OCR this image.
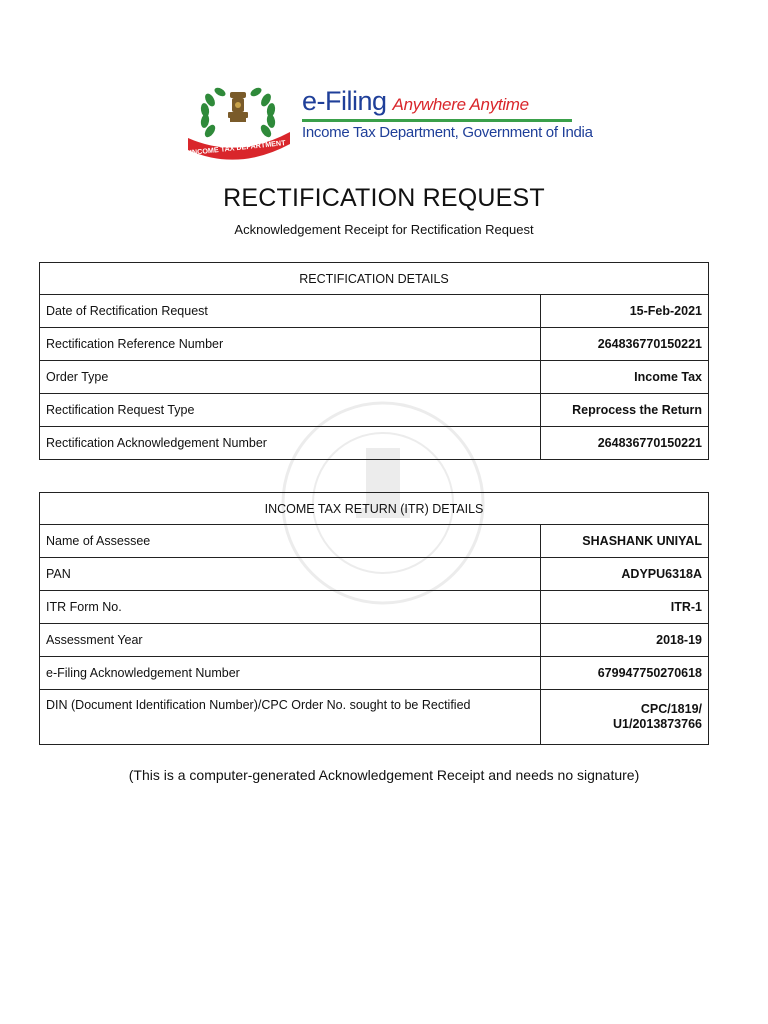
INCOME TAX DEPARTMENT
e-Filing Anywhere Anytime
Income Tax Department, Government of India
RECTIFICATION REQUEST
Acknowledgement Receipt for Rectification Request
RECTIFICATION DETAILS	
Date of Rectification Request	15-Feb-2021
Rectification Reference Number	264836770150221
Order Type	Income Tax
Rectification Request Type	Reprocess the Return
Rectification Acknowledgement Number	264836770150221
INCOME TAX RETURN (ITR) DETAILS	
Name of Assessee	SHASHANK UNIYAL
PAN	ADYPU6318A
ITR Form No.	ITR-1
Assessment Year	2018-19
e-Filing Acknowledgement Number	679947750270618
DIN (Document Identification Number)/CPC Order No. sought to be Rectified	CPC/1819/
U1/2013873766
(This is a computer-generated Acknowledgement Receipt and needs no signature)
